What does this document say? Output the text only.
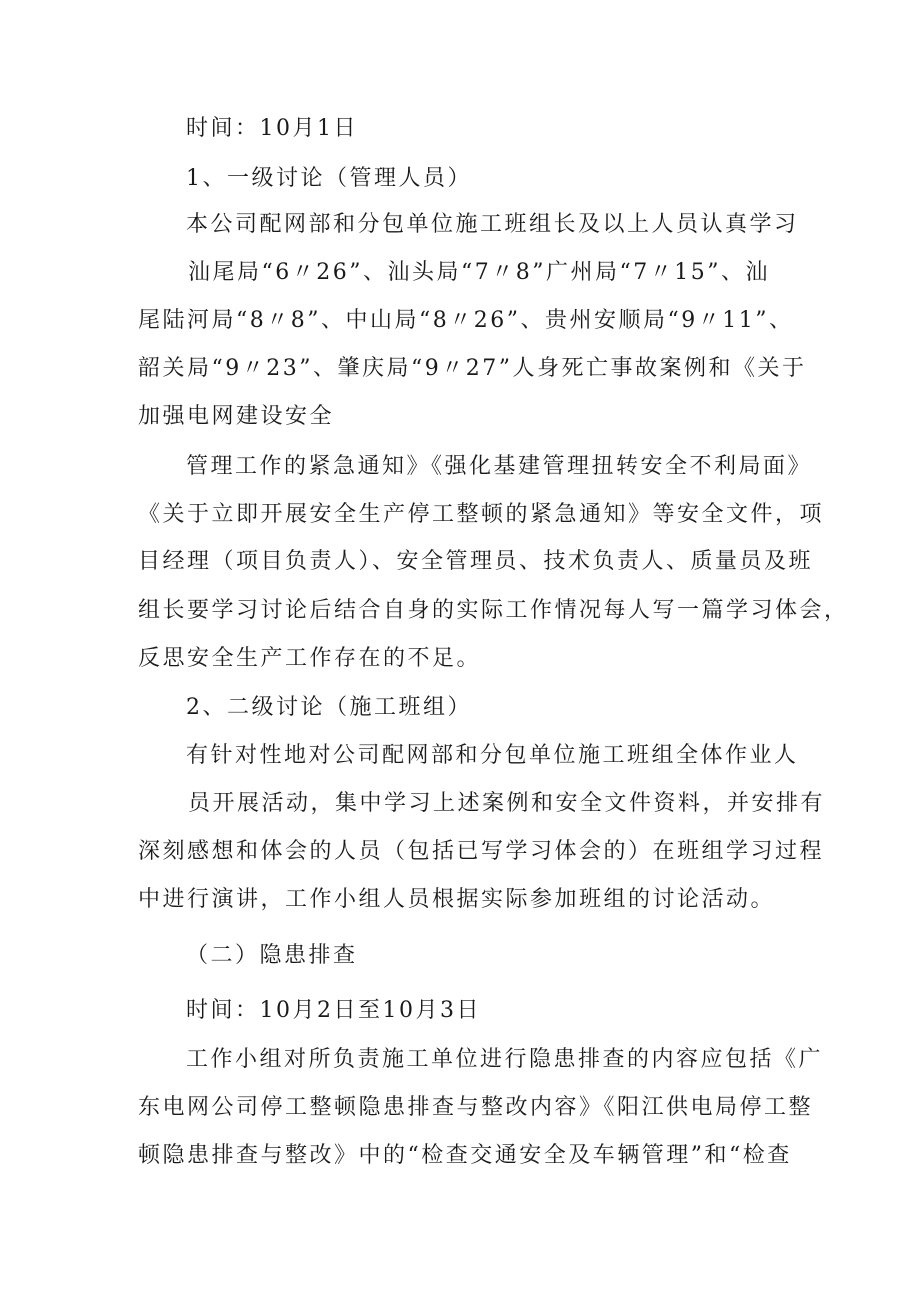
时间：10月1日
1、一级讨论（管理人员）
本公司配网部和分包单位施工班组长及以上人员认真学习
汕尾局“6〃26”、汕头局“7〃8”广州局“7〃15”、汕
尾陆河局“8〃8”、中山局“8〃26”、贵州安顺局“9〃11”、
韶关局“9〃23”、肇庆局“9〃27”人身死亡事故案例和《关于
加强电网建设安全
管理工作的紧急通知》《强化基建管理扭转安全不利局面》
《关于立即开展安全生产停工整顿的紧急通知》等安全文件，项
目经理（项目负责人）、安全管理员、技术负责人、质量员及班
组长要学习讨论后结合自身的实际工作情况每人写一篇学习体会，
反思安全生产工作存在的不足。
2、二级讨论（施工班组）
有针对性地对公司配网部和分包单位施工班组全体作业人
员开展活动，集中学习上述案例和安全文件资料，并安排有
深刻感想和体会的人员（包括已写学习体会的）在班组学习过程
中进行演讲，工作小组人员根据实际参加班组的讨论活动。
（二）隐患排查
时间：10月2日至10月3日
工作小组对所负责施工单位进行隐患排查的内容应包括《广
东电网公司停工整顿隐患排查与整改内容》《阳江供电局停工整
顿隐患排查与整改》中的“检查交通安全及车辆管理”和“检查
